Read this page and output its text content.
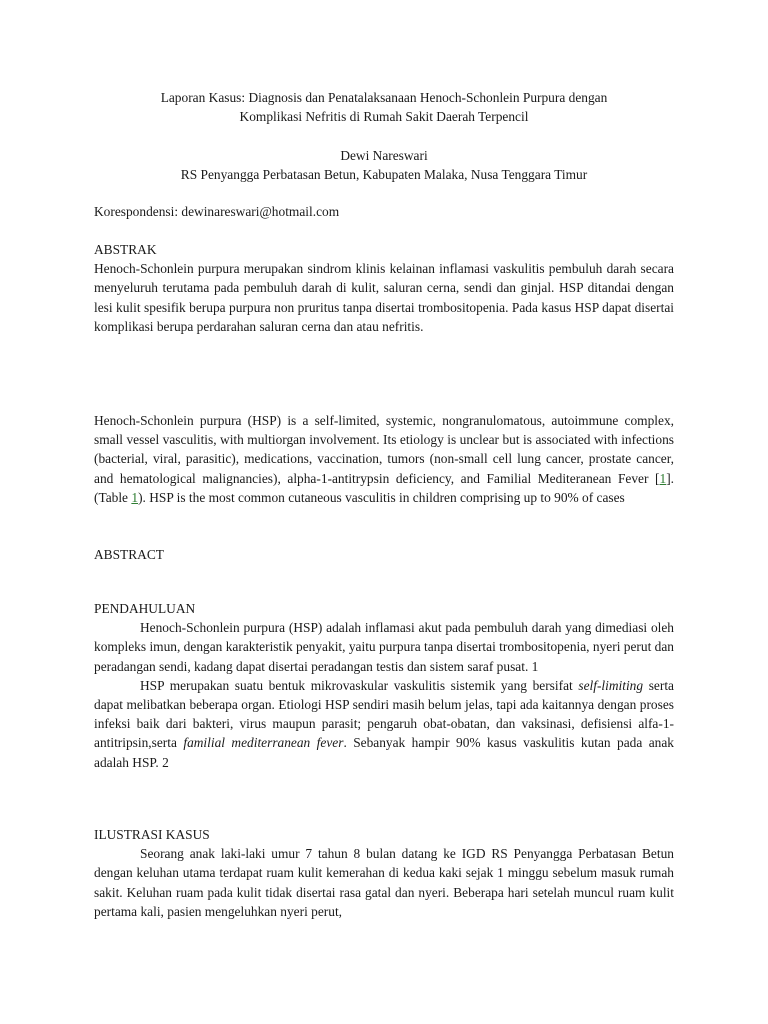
Laporan Kasus: Diagnosis dan Penatalaksanaan Henoch-Schonlein Purpura dengan

Komplikasi Nefritis di Rumah Sakit Daerah Terpencil

Dewi Nareswari

RS Penyangga Perbatasan Betun, Kabupaten Malaka, Nusa Tenggara Timur

Korespondensi: dewinareswari@hotmail.com

ABSTRAK

Henoch-Schonlein purpura merupakan sindrom klinis kelainan inflamasi vaskulitis pembuluh darah secara menyeluruh terutama pada pembuluh darah di kulit, saluran cerna, sendi dan ginjal. HSP ditandai dengan lesi kulit spesifik berupa purpura non pruritus tanpa disertai trombositopenia. Pada kasus HSP dapat disertai komplikasi berupa perdarahan saluran cerna dan atau nefritis.

Henoch-Schonlein purpura (HSP) is a self-limited, systemic, nongranulomatous, autoimmune complex, small vessel vasculitis, with multiorgan involvement. Its etiology is unclear but is associated with infections (bacterial, viral, parasitic), medications, vaccination, tumors (non-small cell lung cancer, prostate cancer, and hematological malignancies), alpha-1-antitrypsin deficiency, and Familial Mediteranean Fever [1]. (Table 1). HSP is the most common cutaneous vasculitis in children comprising up to 90% of cases

ABSTRACT

PENDAHULUAN

Henoch-Schonlein purpura (HSP) adalah inflamasi akut pada pembuluh darah yang dimediasi oleh kompleks imun, dengan karakteristik penyakit, yaitu purpura tanpa disertai trombositopenia, nyeri perut dan peradangan sendi, kadang dapat disertai peradangan testis dan sistem saraf pusat. 1

HSP merupakan suatu bentuk mikrovaskular vaskulitis sistemik yang bersifat self-limiting serta dapat melibatkan beberapa organ. Etiologi HSP sendiri masih belum jelas, tapi ada kaitannya dengan proses infeksi baik dari bakteri, virus maupun parasit; pengaruh obat-obatan, dan vaksinasi, defisiensi alfa-1-antitripsin,serta familial mediterranean fever. Sebanyak hampir 90% kasus vaskulitis kutan pada anak adalah HSP. 2

ILUSTRASI KASUS

Seorang anak laki-laki umur 7 tahun 8 bulan datang ke IGD RS Penyangga Perbatasan Betun dengan keluhan utama terdapat ruam kulit kemerahan di kedua kaki sejak 1 minggu sebelum masuk rumah sakit. Keluhan ruam pada kulit tidak disertai rasa gatal dan nyeri. Beberapa hari setelah muncul ruam kulit pertama kali, pasien mengeluhkan nyeri perut,
